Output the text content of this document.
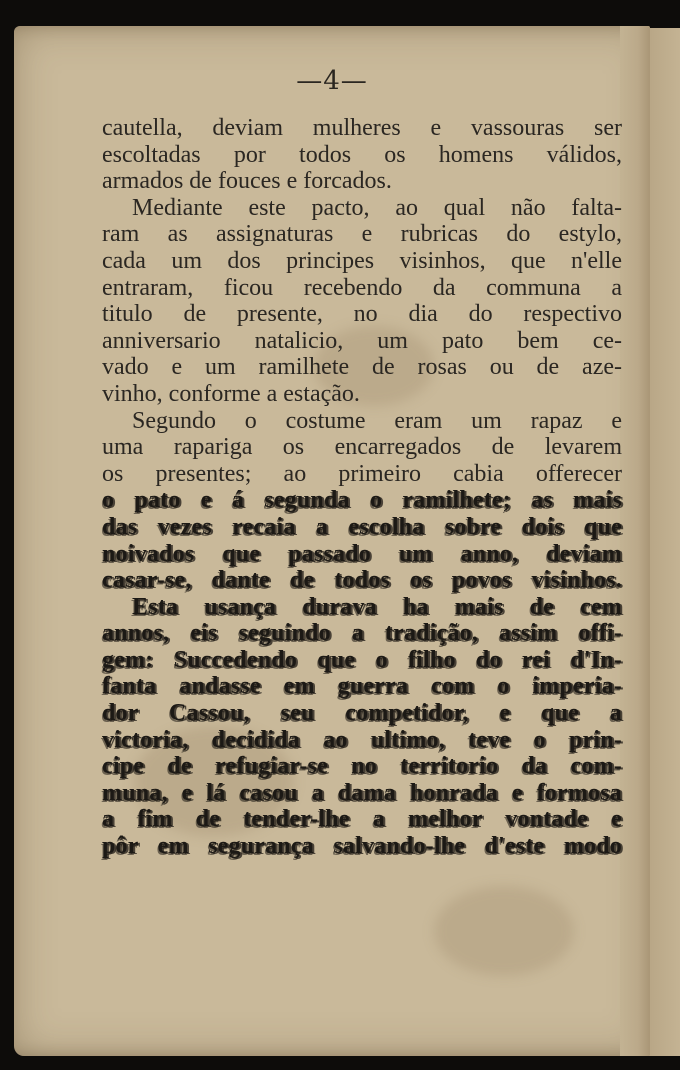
—4—
cautella, deviam mulheres e vassouras ser
escoltadas por todos os homens válidos,
armados de fouces e forcados.
Mediante este pacto, ao qual não falta-
ram as assignaturas e rubricas do estylo,
cada um dos principes visinhos, que n'elle
entraram, ficou recebendo da communa a
titulo de presente, no dia do respectivo
anniversario natalicio, um pato bem ce-
vado e um ramilhete de rosas ou de aze-
vinho, conforme a estação.
Segundo o costume eram um rapaz e
uma rapariga os encarregados de levarem
os presentes; ao primeiro cabia offerecer
o pato e á segunda o ramilhete; as mais
das vezes recaia a escolha sobre dois que
noivados que passado um anno, deviam
casar-se, dante de todos os povos visinhos.
Esta usança durava ha mais de cem
annos, eis seguindo a tradição, assim offi-
gem: Succedendo que o filho do rei d'In-
fanta andasse em guerra com o imperia-
dor Cassou, seu competidor, e que a
victoria, decidida ao ultimo, teve o prin-
cipe de refugiar-se no territorio da com-
muna, e lá casou a dama honrada e formosa
a fim de tender-lhe a melhor vontade e
pôr em segurança salvando-lhe d'este modo
